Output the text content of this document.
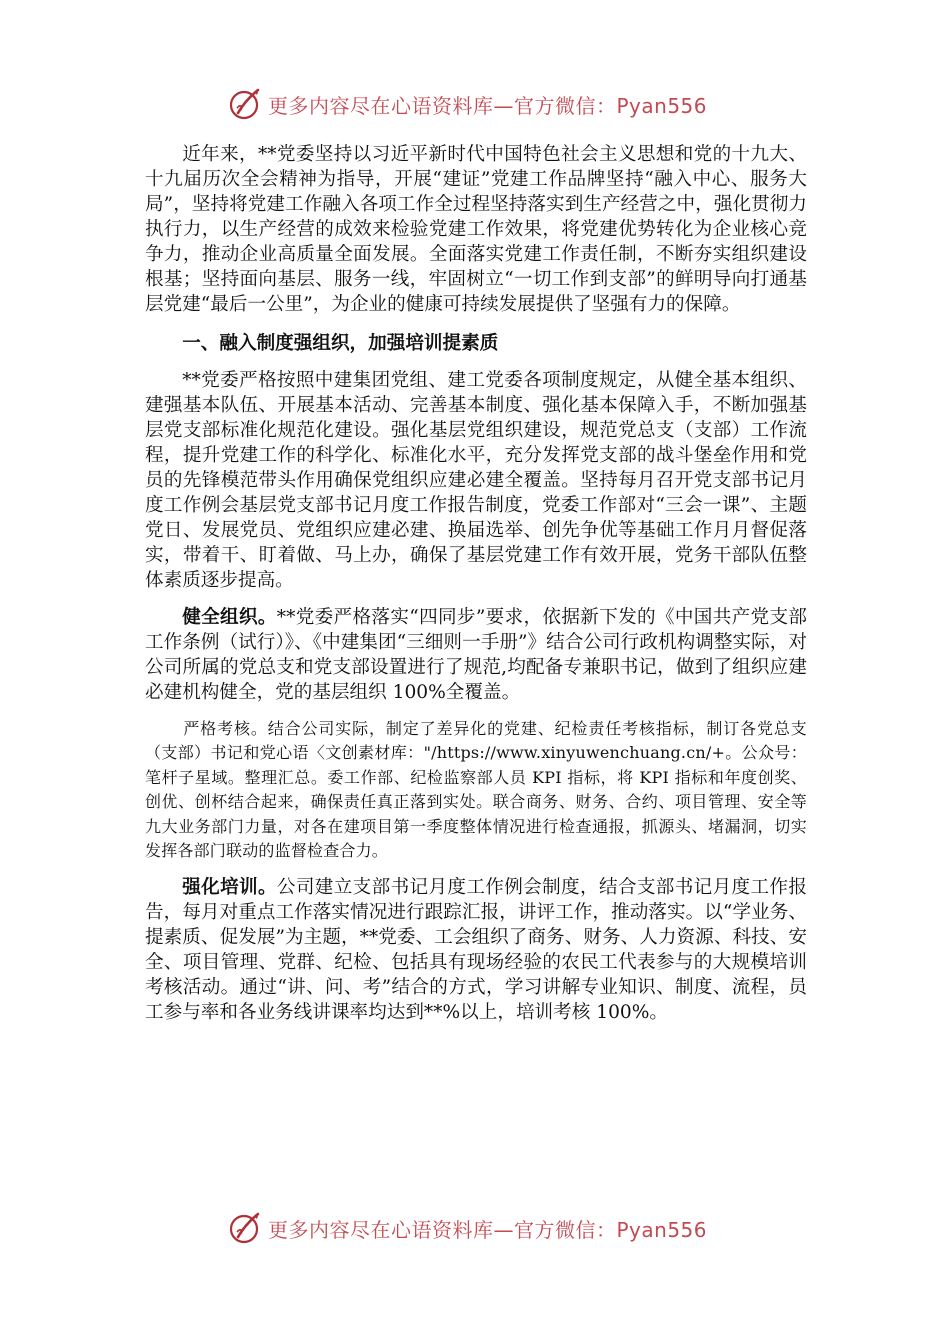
更多内容尽在心语资料库—官方微信：Pyan556

近年来，**党委坚持以习近平新时代中国特色社会主义思想和党的十九大、十九届历次全会精神为指导，开展“建证”党建工作品牌坚持“融入中心、服务大局”，坚持将党建工作融入各项工作全过程坚持落实到生产经营之中，强化贯彻力执行力，以生产经营的成效来检验党建工作效果，将党建优势转化为企业核心竞争力，推动企业高质量全面发展。全面落实党建工作责任制，不断夯实组织建设根基；坚持面向基层、服务一线，牢固树立“一切工作到支部”的鲜明导向打通基层党建“最后一公里”，为企业的健康可持续发展提供了坚强有力的保障。

一、融入制度强组织，加强培训提素质

**党委严格按照中建集团党组、建工党委各项制度规定，从健全基本组织、建强基本队伍、开展基本活动、完善基本制度、强化基本保障入手，不断加强基层党支部标准化规范化建设。强化基层党组织建设，规范党总支（支部）工作流程，提升党建工作的科学化、标准化水平，充分发挥党支部的战斗堡垒作用和党员的先锋模范带头作用确保党组织应建必建全覆盖。坚持每月召开党支部书记月度工作例会基层党支部书记月度工作报告制度，党委工作部对“三会一课”、主题党日、发展党员、党组织应建必建、换届选举、创先争优等基础工作月月督促落实，带着干、盯着做、马上办，确保了基层党建工作有效开展，党务干部队伍整体素质逐步提高。

健全组织。**党委严格落实“四同步”要求，依据新下发的《中国共产党支部工作条例（试行）》、《中建集团“三细则一手册”》结合公司行政机构调整实际，对公司所属的党总支和党支部设置进行了规范,均配备专兼职书记，做到了组织应建必建机构健全，党的基层组织 100%全覆盖。

严格考核。结合公司实际，制定了差异化的党建、纪检责任考核指标，制订各党总支（支部）书记和党心语〈文创素材库："/https://www.xinyuwenchuang.cn/+。公众号：笔杆子星域。整理汇总。委工作部、纪检监察部人员 KPI 指标，将 KPI 指标和年度创奖、创优、创杯结合起来，确保责任真正落到实处。联合商务、财务、合约、项目管理、安全等九大业务部门力量，对各在建项目第一季度整体情况进行检查通报，抓源头、堵漏洞，切实发挥各部门联动的监督检查合力。

强化培训。公司建立支部书记月度工作例会制度，结合支部书记月度工作报告，每月对重点工作落实情况进行跟踪汇报，讲评工作，推动落实。以“学业务、提素质、促发展”为主题，**党委、工会组织了商务、财务、人力资源、科技、安全、项目管理、党群、纪检、包括具有现场经验的农民工代表参与的大规模培训考核活动。通过“讲、问、考”结合的方式，学习讲解专业知识、制度、流程，员工参与率和各业务线讲课率均达到**%以上，培训考核 100%。

更多内容尽在心语资料库—官方微信：Pyan556
